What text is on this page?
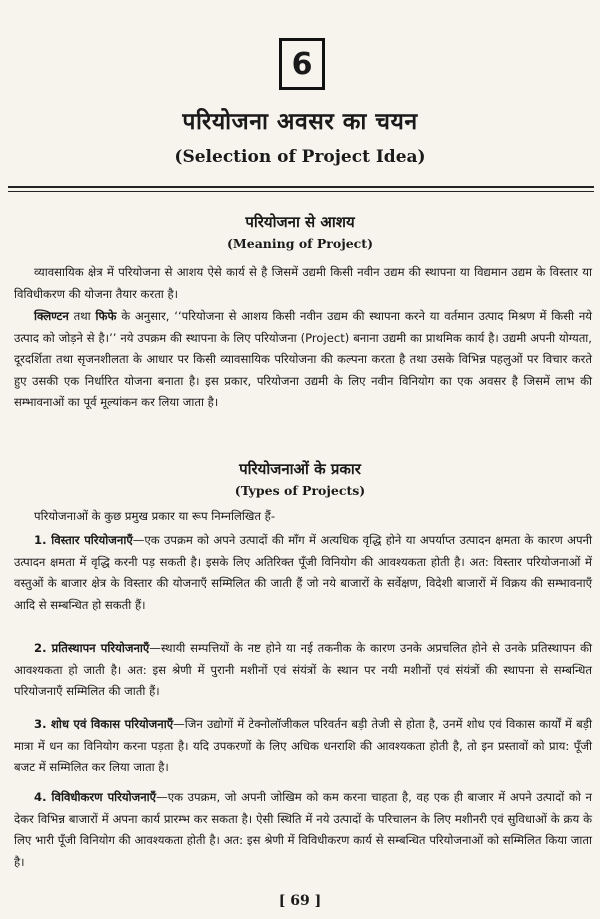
6
परियोजना अवसर का चयन
(Selection of Project Idea)
परियोजना से आशय
(Meaning of Project)

व्यावसायिक क्षेत्र में परियोजना से आशय ऐसे कार्य से है जिसमें उद्यमी किसी नवीन उद्यम की स्थापना या विद्यमान उद्यम के विस्तार या विविधीकरण की योजना तैयार करता है।

क्लिण्टन तथा फिफे के अनुसार, ‘‘परियोजना से आशय किसी नवीन उद्यम की स्थापना करने या वर्तमान उत्पाद मिश्रण में किसी नये उत्पाद को जोड़ने से है।’’ नये उपक्रम की स्थापना के लिए परियोजना (Project) बनाना उद्यमी का प्राथमिक कार्य है। उद्यमी अपनी योग्यता, दूरदर्शिता तथा सृजनशीलता के आधार पर किसी व्यावसायिक परियोजना की कल्पना करता है तथा उसके विभिन्न पहलुओं पर विचार करते हुए उसकी एक निर्धारित योजना बनाता है। इस प्रकार, परियोजना उद्यमी के लिए नवीन विनियोग का एक अवसर है जिसमें लाभ की सम्भावनाओं का पूर्व मूल्यांकन कर लिया जाता है।

परियोजनाओं के प्रकार
(Types of Projects)

परियोजनाओं के कुछ प्रमुख प्रकार या रूप निम्नलिखित हैं-

1. विस्तार परियोजनाएँ—एक उपक्रम को अपने उत्पादों की माँग में अत्यधिक वृद्धि होने या अपर्याप्त उत्पादन क्षमता के कारण अपनी उत्पादन क्षमता में वृद्धि करनी पड़ सकती है। इसके लिए अतिरिक्त पूँजी विनियोग की आवश्यकता होती है। अत: विस्तार परियोजनाओं में वस्तुओं के बाजार क्षेत्र के विस्तार की योजनाएँ सम्मिलित की जाती हैं जो नये बाजारों के सर्वेक्षण, विदेशी बाजारों में विक्रय की सम्भावनाएँ आदि से सम्बन्धित हो सकती हैं।

2. प्रतिस्थापन परियोजनाएँ—स्थायी सम्पत्तियों के नष्ट होने या नई तकनीक के कारण उनके अप्रचलित होने से उनके प्रतिस्थापन की आवश्यकता हो जाती है। अत: इस श्रेणी में पुरानी मशीनों एवं संयंत्रों के स्थान पर नयी मशीनों एवं संयंत्रों की स्थापना से सम्बन्धित परियोजनाएँ सम्मिलित की जाती हैं।

3. शोध एवं विकास परियोजनाएँ—जिन उद्योगों में टेक्नोलॉजीकल परिवर्तन बड़ी तेजी से होता है, उनमें शोध एवं विकास कार्यों में बड़ी मात्रा में धन का विनियोग करना पड़ता है। यदि उपकरणों के लिए अधिक धनराशि की आवश्यकता होती है, तो इन प्रस्तावों को प्राय: पूँजी बजट में सम्मिलित कर लिया जाता है।

4. विविधीकरण परियोजनाएँ—एक उपक्रम, जो अपनी जोखिम को कम करना चाहता है, वह एक ही बाजार में अपने उत्पादों को न देकर विभिन्न बाजारों में अपना कार्य प्रारम्भ कर सकता है। ऐसी स्थिति में नये उत्पादों के परिचालन के लिए मशीनरी एवं सुविधाओं के क्रय के लिए भारी पूँजी विनियोग की आवश्यकता होती है। अत: इस श्रेणी में विविधीकरण कार्य से सम्बन्धित परियोजनाओं को सम्मिलित किया जाता है।

[ 69 ]
